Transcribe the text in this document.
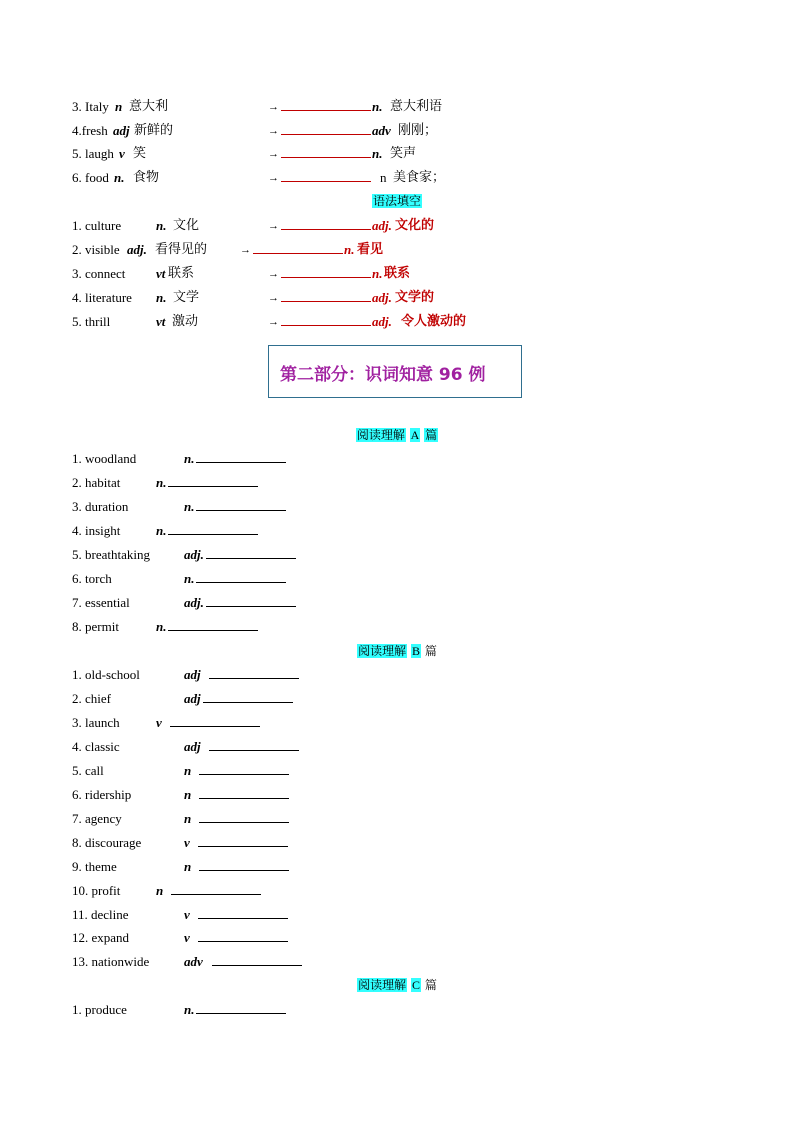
3. Italy n 意大利	→	n. 意大利语
4.fresh adj 新鲜的	→	adv 刚刚；
5. laugh v 笑	→	n. 笑声
6. food n. 食物	→	n 美食家；
语法填空
1. culture	n. 文化	→	adj. 文化的
2. visible adj. 看得见的	→	n. 看见
3. connect vt 联系	→	n. 联系
4. literature n. 文学	→	adj. 文学的
5. thrill	vt 激动	→	adj. 令人激动的
第二部分：识词知意 96 例
阅读理解 A 篇
1. woodland	n.
2. habitat	n.
3. duration	n.
4. insight	n.
5. breathtaking	adj.
6. torch	n.
7. essential	adj.
8. permit	n.
阅读理解 B 篇
1. old-school	adj
2. chief	adj
3. launch	v
4. classic	adj
5. call	n
6. ridership	n
7. agency	n
8. discourage	v
9. theme	n
10. profit	n
11. decline	v
12. expand	v
13. nationwide	adv
阅读理解 C 篇
1. produce	n.
